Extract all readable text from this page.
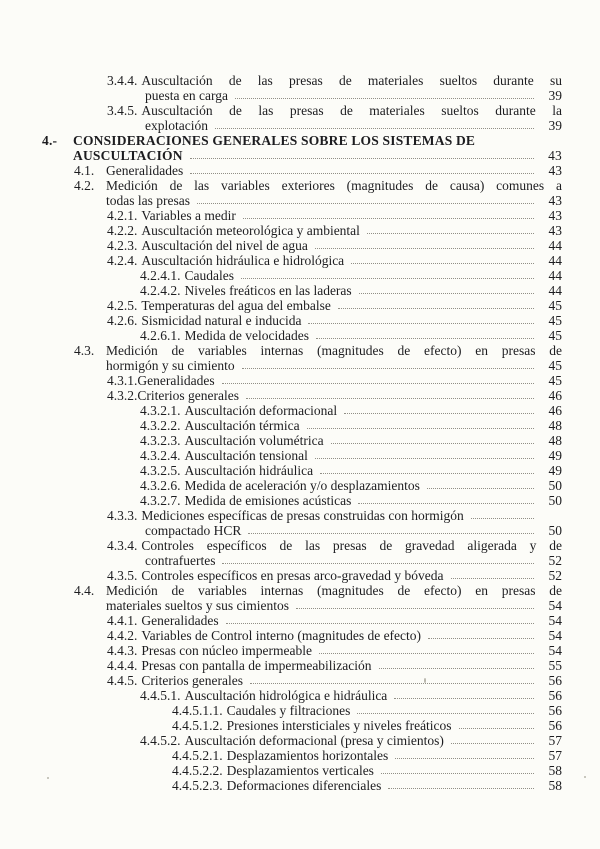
3.4.4. Auscultación de las presas de materiales sueltos durante su
puesta en carga	39
3.4.5. Auscultación de las presas de materiales sueltos durante la
explotación	39
4.-	CONSIDERACIONES GENERALES SOBRE LOS SISTEMAS DE
AUSCULTACIÓN	43
4.1. Generalidades	43
4.2. Medición de las variables exteriores (magnitudes de causa) comunes a
todas las presas	43
4.2.1. Variables a medir	43
4.2.2. Auscultación meteorológica y ambiental	43
4.2.3. Auscultación del nivel de agua	44
4.2.4. Auscultación hidráulica e hidrológica	44
4.2.4.1. Caudales	44
4.2.4.2. Niveles freáticos en las laderas	44
4.2.5. Temperaturas del agua del embalse	45
4.2.6. Sismicidad natural e inducida	45
4.2.6.1. Medida de velocidades	45
4.3. Medición de variables internas (magnitudes de efecto) en presas de
hormigón y su cimiento	45
4.3.1. Generalidades	45
4.3.2. Criterios generales	46
4.3.2.1. Auscultación deformacional	46
4.3.2.2. Auscultación térmica	48
4.3.2.3. Auscultación volumétrica	48
4.3.2.4. Auscultación tensional	49
4.3.2.5. Auscultación hidráulica	49
4.3.2.6. Medida de aceleración y/o desplazamientos	50
4.3.2.7. Medida de emisiones acústicas	50
4.3.3. Mediciones específicas de presas construidas con hormigón
compactado HCR	50
4.3.4. Controles específicos de las presas de gravedad aligerada y de
contrafuertes	52
4.3.5. Controles específicos en presas arco-gravedad y bóveda	52
4.4. Medición de variables internas (magnitudes de efecto) en presas de
materiales sueltos y sus cimientos	54
4.4.1. Generalidades	54
4.4.2. Variables de Control interno (magnitudes de efecto)	54
4.4.3. Presas con núcleo impermeable	54
4.4.4. Presas con pantalla de impermeabilización	55
4.4.5. Criterios generales	56
4.4.5.1. Auscultación hidrológica e hidráulica	56
4.4.5.1.1. Caudales y filtraciones	56
4.4.5.1.2. Presiones intersticiales y niveles freáticos	56
4.4.5.2. Auscultación deformacional (presa y cimientos)	57
4.4.5.2.1. Desplazamientos horizontales	57
4.4.5.2.2. Desplazamientos verticales	58
4.4.5.2.3. Deformaciones diferenciales	58
